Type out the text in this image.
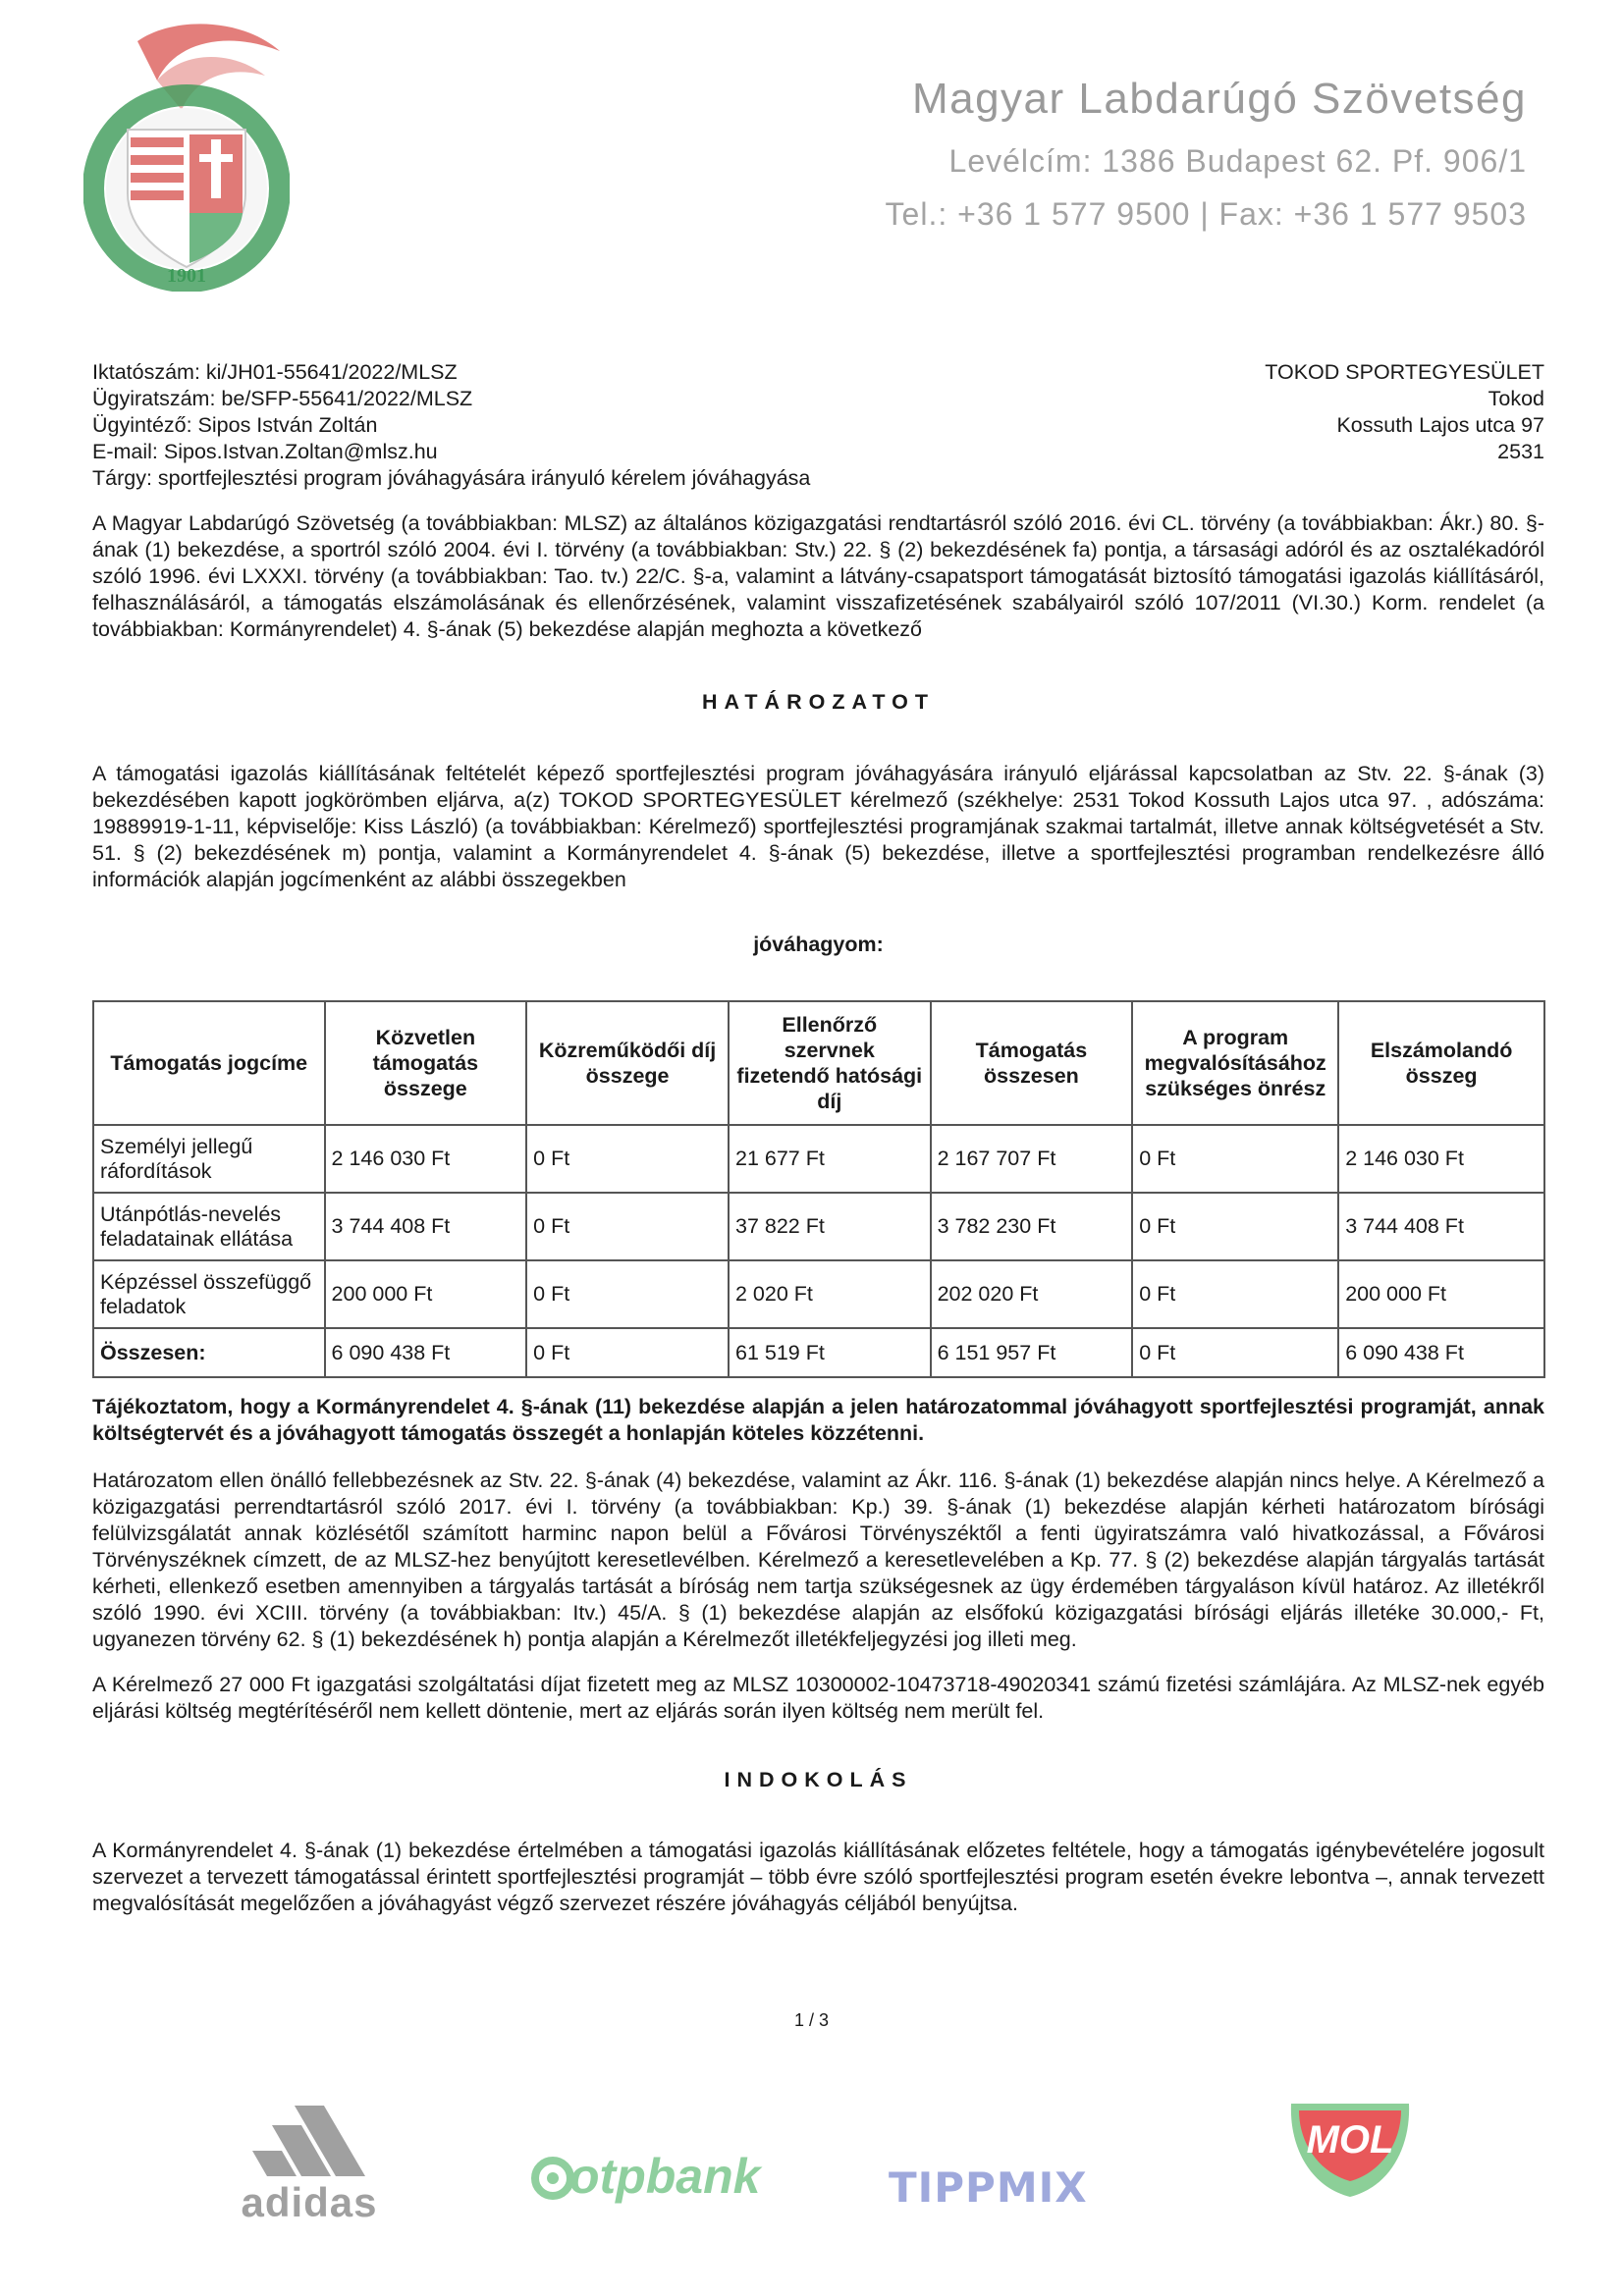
1901
Magyar Labdarúgó Szövetség
Levélcím: 1386 Budapest 62. Pf. 906/1
Tel.: +36 1 577 9500 | Fax: +36 1 577 9503
Iktatószám: ki/JH01-55641/2022/MLSZ
Ügyiratszám: be/SFP-55641/2022/MLSZ
Ügyintéző: Sipos István Zoltán
E-mail: Sipos.Istvan.Zoltan@mlsz.hu
Tárgy: sportfejlesztési program jóváhagyására irányuló kérelem jóváhagyása
TOKOD SPORTEGYESÜLET
Tokod
Kossuth Lajos utca 97
2531
A Magyar Labdarúgó Szövetség (a továbbiakban: MLSZ) az általános közigazgatási rendtartásról szóló 2016. évi CL. törvény (a továbbiakban: Ákr.) 80. §-ának (1) bekezdése, a sportról szóló 2004. évi I. törvény (a továbbiakban: Stv.) 22. § (2) bekezdésének fa) pontja, a társasági adóról és az osztalékadóról szóló 1996. évi LXXXI. törvény (a továbbiakban: Tao. tv.) 22/C. §-a, valamint a látvány-csapatsport támogatását biztosító támogatási igazolás kiállításáról, felhasználásáról, a támogatás elszámolásának és ellenőrzésének, valamint visszafizetésének szabályairól szóló 107/2011 (VI.30.) Korm. rendelet (a továbbiakban: Kormányrendelet) 4. §-ának (5) bekezdése alapján meghozta a következő
HATÁROZATOT
A támogatási igazolás kiállításának feltételét képező sportfejlesztési program jóváhagyására irányuló eljárással kapcsolatban az Stv. 22. §-ának (3) bekezdésében kapott jogkörömben eljárva, a(z) TOKOD SPORTEGYESÜLET kérelmező (székhelye: 2531 Tokod Kossuth Lajos utca 97. , adószáma: 19889919-1-11, képviselője: Kiss László) (a továbbiakban: Kérelmező) sportfejlesztési programjának szakmai tartalmát, illetve annak költségvetését a Stv. 51. § (2) bekezdésének m) pontja, valamint a Kormányrendelet 4. §-ának (5) bekezdése, illetve a sportfejlesztési programban rendelkezésre álló információk alapján jogcímenként az alábbi összegekben
jóváhagyom:
Támogatás jogcíme	Közvetlen támogatás összege	Közreműködői díj összege	Ellenőrző szervnek fizetendő hatósági díj	Támogatás összesen	A program megvalósításához szükséges önrész	Elszámolandó összeg
Személyi jellegű ráfordítások	2 146 030 Ft	0 Ft	21 677 Ft	2 167 707 Ft	0 Ft	2 146 030 Ft
Utánpótlás-nevelés feladatainak ellátása	3 744 408 Ft	0 Ft	37 822 Ft	3 782 230 Ft	0 Ft	3 744 408 Ft
Képzéssel összefüggő feladatok	200 000 Ft	0 Ft	2 020 Ft	202 020 Ft	0 Ft	200 000 Ft
Összesen:	6 090 438 Ft	0 Ft	61 519 Ft	6 151 957 Ft	0 Ft	6 090 438 Ft
Tájékoztatom, hogy a Kormányrendelet 4. §-ának (11) bekezdése alapján a jelen határozatommal jóváhagyott sportfejlesztési programját, annak költségtervét és a jóváhagyott támogatás összegét a honlapján köteles közzétenni.
Határozatom ellen önálló fellebbezésnek az Stv. 22. §-ának (4) bekezdése, valamint az Ákr. 116. §-ának (1) bekezdése alapján nincs helye. A Kérelmező a közigazgatási perrendtartásról szóló 2017. évi I. törvény (a továbbiakban: Kp.) 39. §-ának (1) bekezdése alapján kérheti határozatom bírósági felülvizsgálatát annak közlésétől számított harminc napon belül a Fővárosi Törvényszéktől a fenti ügyiratszámra való hivatkozással, a Fővárosi Törvényszéknek címzett, de az MLSZ-hez benyújtott keresetlevélben. Kérelmező a keresetlevelében a Kp. 77. § (2) bekezdése alapján tárgyalás tartását kérheti, ellenkező esetben amennyiben a tárgyalás tartását a bíróság nem tartja szükségesnek az ügy érdemében tárgyaláson kívül határoz. Az illetékről szóló 1990. évi XCIII. törvény (a továbbiakban: Itv.) 45/A. § (1) bekezdése alapján az elsőfokú közigazgatási bírósági eljárás illetéke 30.000,- Ft, ugyanezen törvény 62. § (1) bekezdésének h) pontja alapján a Kérelmezőt illetékfeljegyzési jog illeti meg.
A Kérelmező 27 000 Ft igazgatási szolgáltatási díjat fizetett meg az MLSZ 10300002-10473718-49020341 számú fizetési számlájára. Az MLSZ-nek egyéb eljárási költség megtérítéséről nem kellett döntenie, mert az eljárás során ilyen költség nem merült fel.
INDOKOLÁS
A Kormányrendelet 4. §-ának (1) bekezdése értelmében a támogatási igazolás kiállításának előzetes feltétele, hogy a támogatás igénybevételére jogosult szervezet a tervezett támogatással érintett sportfejlesztési programját – több évre szóló sportfejlesztési program esetén évekre lebontva –, annak tervezett megvalósítását megelőzően a jóváhagyást végző szervezet részére jóváhagyás céljából benyújtsa.
1 / 3
adidas	otpbank	TIPPMIX
MOL
